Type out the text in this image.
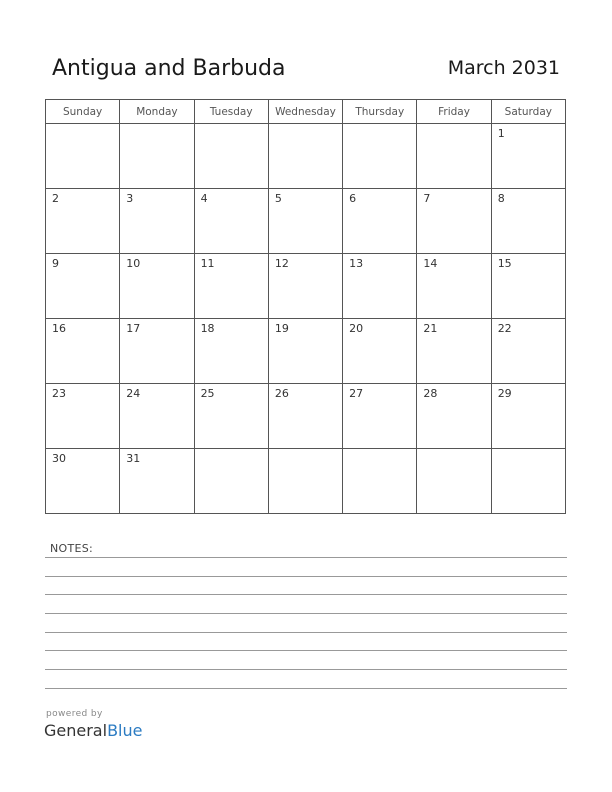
Antigua and Barbuda	March 2031
Sunday	Monday	Tuesday	Wednesday	Thursday	Friday	Saturday

						1

2	3	4	5	6	7	8

9	10	11	12	13	14	15

16	17	18	19	20	21	22

23	24	25	26	27	28	29

30	31					

NOTES:
powered by
GeneralBlue
